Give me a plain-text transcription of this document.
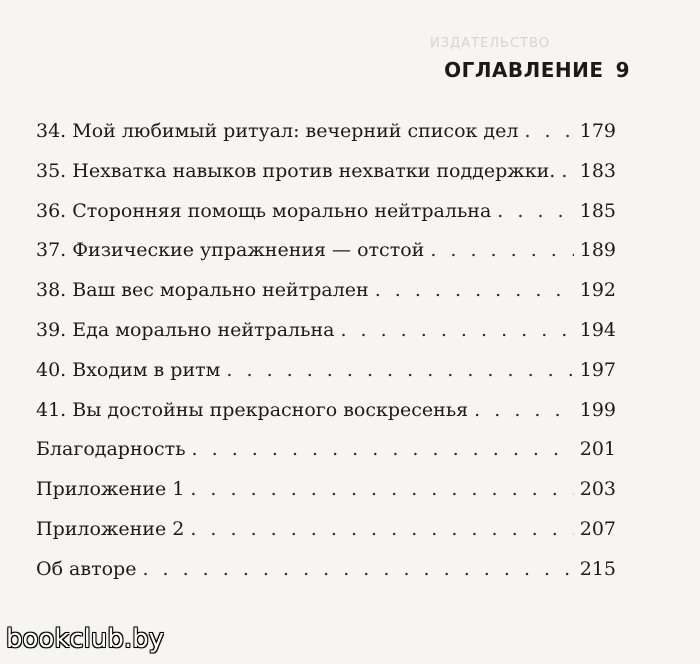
ИЗДАТЕЛЬСТВО
ОГЛАВЛЕНИЕ 9
34. Мой любимый ритуал: вечерний список дел . . .	179
35. Нехватка навыков против нехватки поддержки. . . . 183
36. Сторонняя помощь морально нейтральна . . .	185
37. Физические упражнения — отстой . . .	189
38. Ваш вес морально нейтрален . . .	192
39. Еда морально нейтральна . . .	194
40. Входим в ритм . . .	197
41. Вы достойны прекрасного воскресенья . . .	199
Благодарность . . .	201
Приложение 1 . . .	203
Приложение 2 . . .	207
Об авторе . . .	215
bookclub.by
